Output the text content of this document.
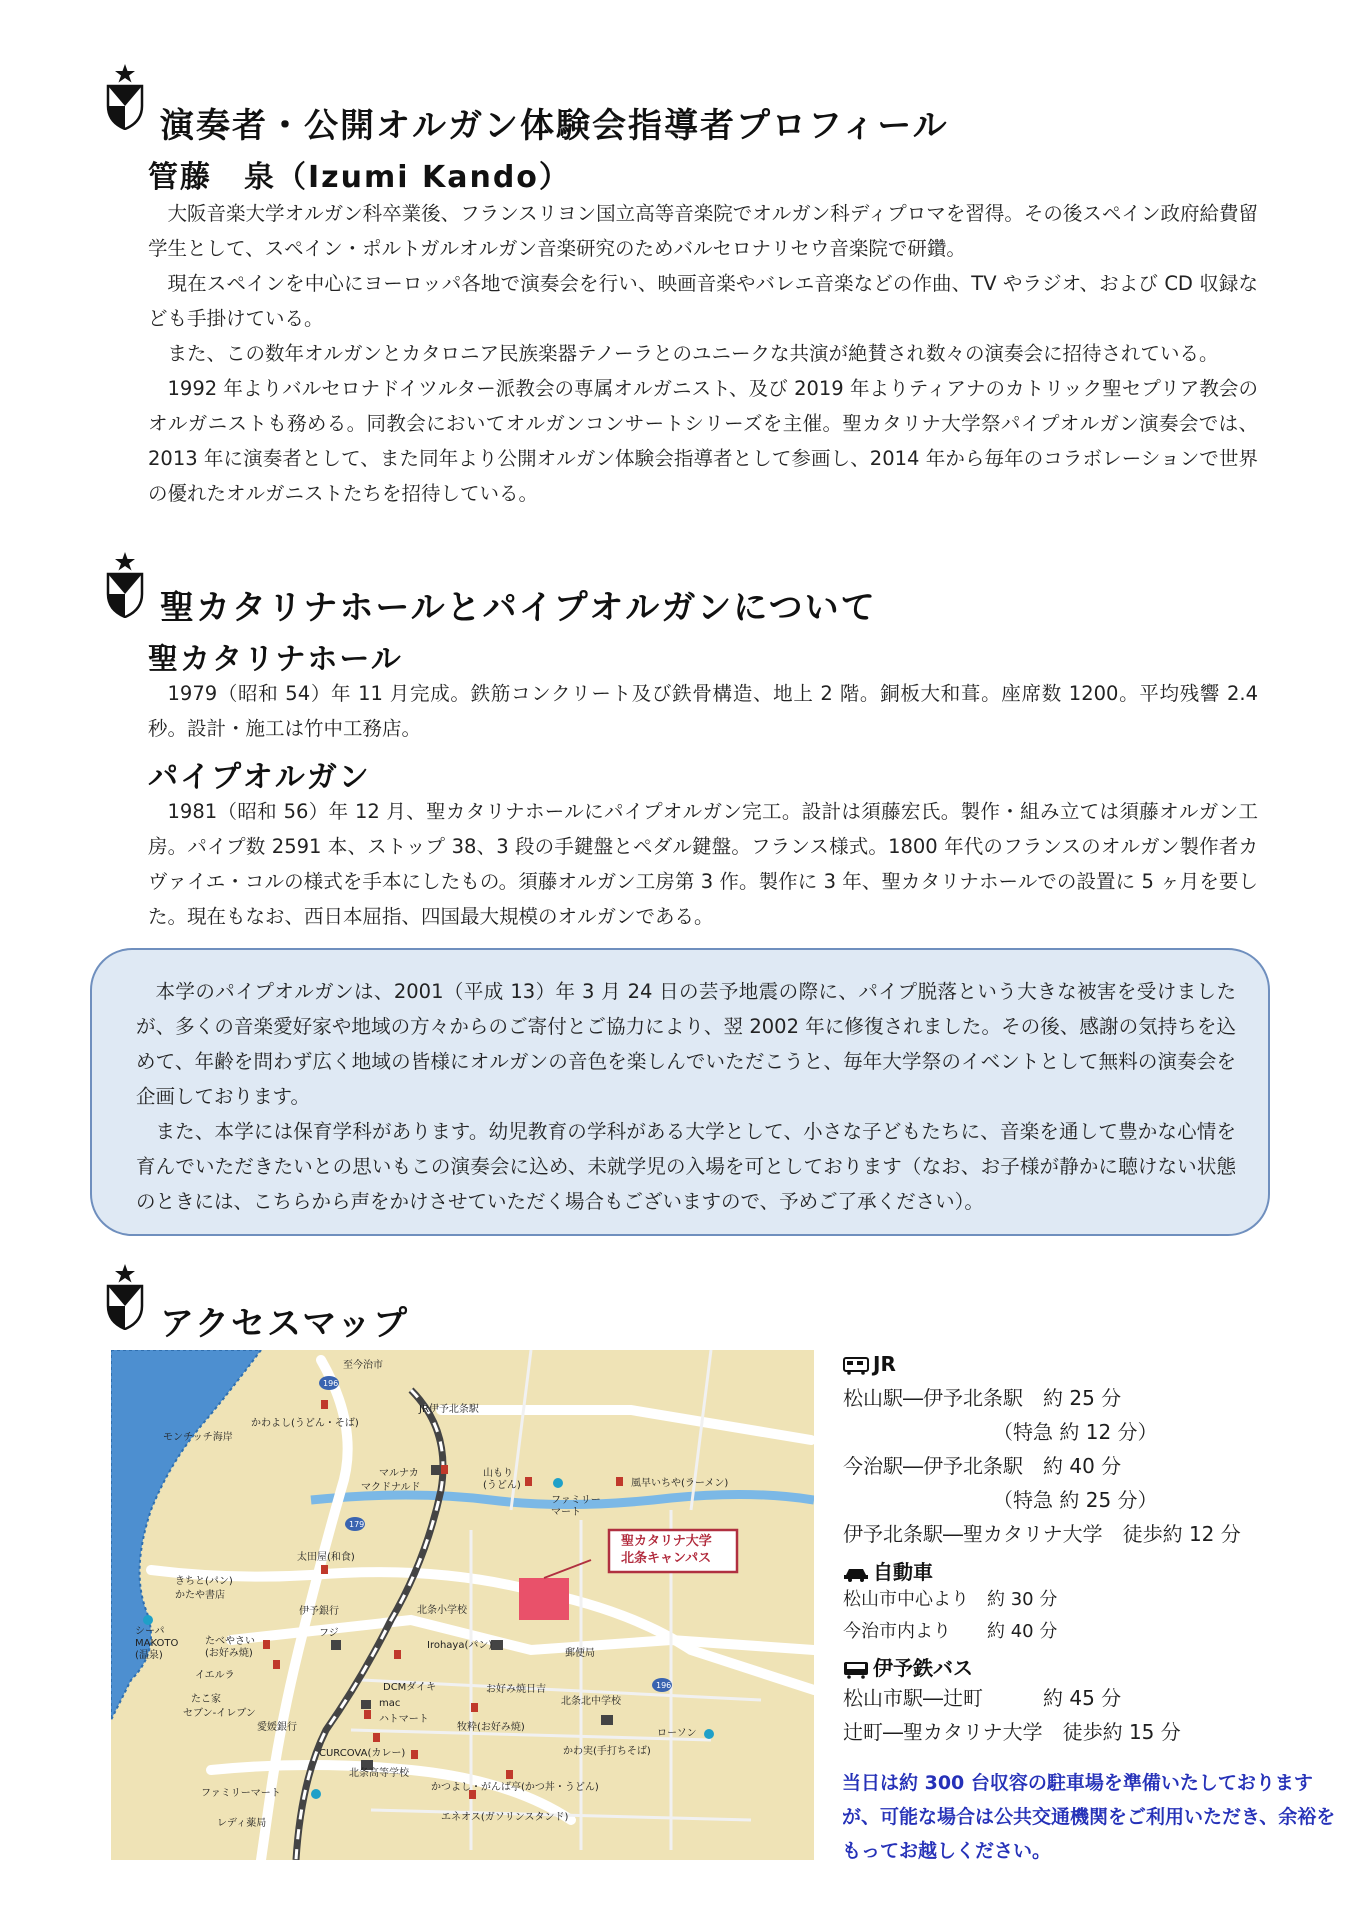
演奏者・公開オルガン体験会指導者プロフィール
管藤　泉（Izumi Kando）

大阪音楽大学オルガン科卒業後、フランスリヨン国立高等音楽院でオルガン科ディプロマを習得。その後スペイン政府給費留学生として、スペイン・ポルトガルオルガン音楽研究のためバルセロナリセウ音楽院で研鑽。

現在スペインを中心にヨーロッパ各地で演奏会を行い、映画音楽やバレエ音楽などの作曲、TV やラジオ、および CD 収録なども手掛けている。

また、この数年オルガンとカタロニア民族楽器テノーラとのユニークな共演が絶賛され数々の演奏会に招待されている。

1992 年よりバルセロナドイツルター派教会の専属オルガニスト、及び 2019 年よりティアナのカトリック聖セプリア教会のオルガニストも務める。同教会においてオルガンコンサートシリーズを主催。聖カタリナ大学祭パイプオルガン演奏会では、2013 年に演奏者として、また同年より公開オルガン体験会指導者として参画し、2014 年から毎年のコラボレーションで世界の優れたオルガニストたちを招待している。

聖カタリナホールとパイプオルガンについて
聖カタリナホール

1979（昭和 54）年 11 月完成。鉄筋コンクリート及び鉄骨構造、地上 2 階。銅板大和葺。座席数 1200。平均残響 2.4 秒。設計・施工は竹中工務店。

パイプオルガン

1981（昭和 56）年 12 月、聖カタリナホールにパイプオルガン完工。設計は須藤宏氏。製作・組み立ては須藤オルガン工房。パイプ数 2591 本、ストップ 38、3 段の手鍵盤とペダル鍵盤。フランス様式。1800 年代のフランスのオルガン製作者カヴァイエ・コルの様式を手本にしたもの。須藤オルガン工房第 3 作。製作に 3 年、聖カタリナホールでの設置に 5 ヶ月を要した。現在もなお、西日本屈指、四国最大規模のオルガンである。

本学のパイプオルガンは、2001（平成 13）年 3 月 24 日の芸予地震の際に、パイプ脱落という大きな被害を受けましたが、多くの音楽愛好家や地域の方々からのご寄付とご協力により、翌 2002 年に修復されました。その後、感謝の気持ちを込めて、年齢を問わず広く地域の皆様にオルガンの音色を楽しんでいただこうと、毎年大学祭のイベントとして無料の演奏会を企画しております。

また、本学には保育学科があります。幼児教育の学科がある大学として、小さな子どもたちに、音楽を通して豊かな心情を育んでいただきたいとの思いもこの演奏会に込め、未就学児の入場を可としております（なお、お子様が静かに聴けない状態のときには、こちらから声をかけさせていただく場合もございますので、予めご了承ください）。

アクセスマップ
至今治市
JR伊予北条駅
かわよし(うどん・そば)
モンチッチ海岸
マルナカ
マクドナルド
山もり
(うどん)
ファミリー
マート
風早いちや(ラーメン)
太田屋(和食)
きちと(パン)
かたや書店
伊予銀行
フジ
北条小学校
Irohaya(パン)
郵便局
シーパ
MAKOTO
(温泉)
たべやさい
(お好み焼)
イエルラ
たこ家
セブン-イレブン
愛媛銀行
DCMダイキ
mac
ハトマート
お好み焼日吉
北条北中学校
ローソン
牧粋(お好み焼)
かわ実(手打ちそば)
CURCOVA(カレー)
北条高等学校
ファミリーマート
レディ薬局
かつよし・がんば亭(かつ丼・うどん)
エネオス(ガソリンスタンド)
196
179
196
聖カタリナ大学
北条キャンパス
JR
松山駅―伊予北条駅　約 25 分
　　　　　　　　（特急 約 12 分）
今治駅―伊予北条駅　約 40 分
　　　　　　　　（特急 約 25 分）
伊予北条駅―聖カタリナ大学　徒歩約 12 分
自動車
松山市中心より　約 30 分
今治市内より　　約 40 分
伊予鉄バス
松山市駅―辻町　　　約 45 分
辻町―聖カタリナ大学　徒歩約 15 分
当日は約 300 台収容の駐車場を準備いたしておりますが、可能な場合は公共交通機関をご利用いただき、余裕をもってお越しください。
